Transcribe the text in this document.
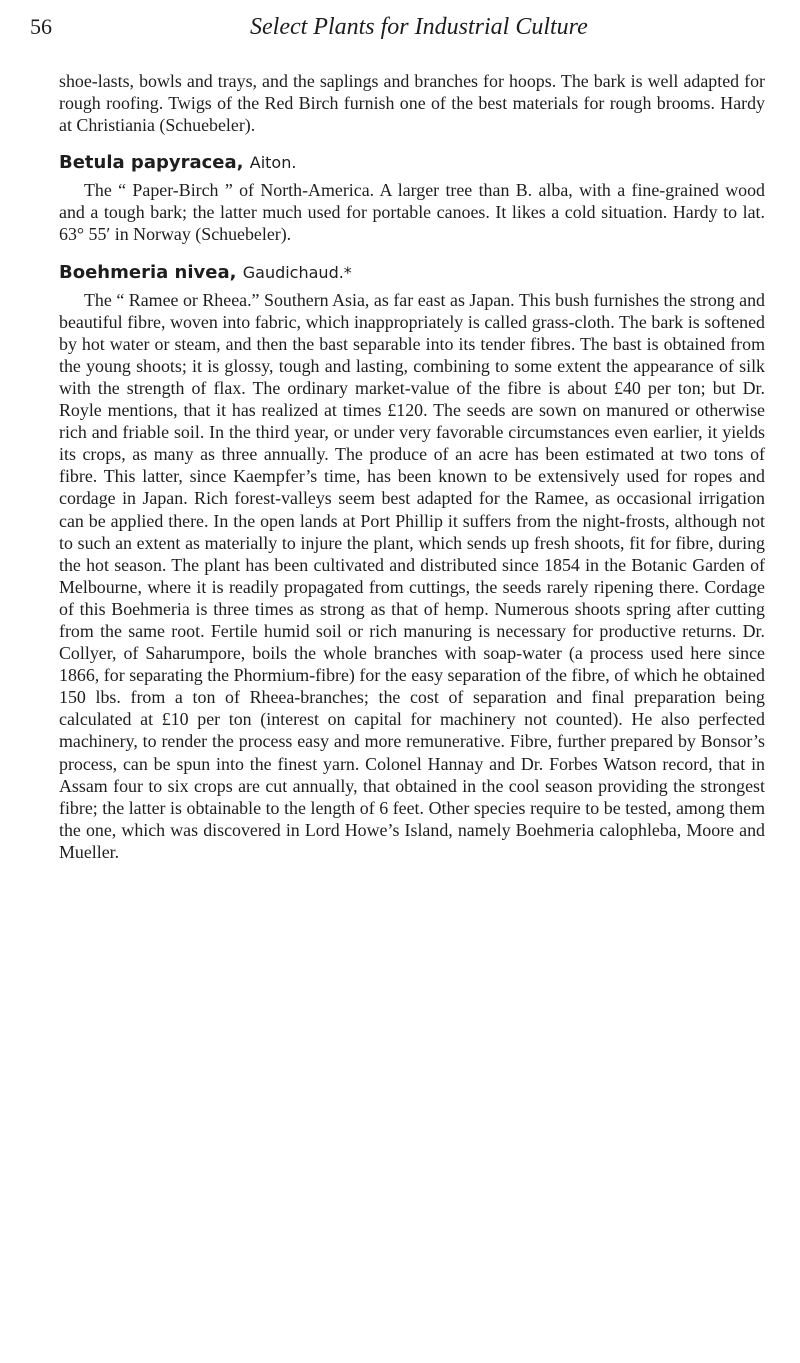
56	Select Plants for Industrial Culture

shoe-lasts, bowls and trays, and the saplings and branches for hoops. The bark is well adapted for rough roofing. Twigs of the Red Birch furnish one of the best materials for rough brooms. Hardy at Christiania (Schuebeler).

Betula papyracea, Aiton.

The “ Paper-Birch ” of North-America. A larger tree than B. alba, with a fine-grained wood and a tough bark; the latter much used for portable canoes. It likes a cold situation. Hardy to lat. 63° 55′ in Norway (Schuebeler).

Boehmeria nivea, Gaudichaud.*

The “ Ramee or Rheea.” Southern Asia, as far east as Japan. This bush furnishes the strong and beautiful fibre, woven into fabric, which inappropriately is called grass-cloth. The bark is softened by hot water or steam, and then the bast separable into its tender fibres. The bast is obtained from the young shoots; it is glossy, tough and lasting, combining to some extent the appearance of silk with the strength of flax. The ordinary market-value of the fibre is about £40 per ton; but Dr. Royle mentions, that it has realized at times £120. The seeds are sown on manured or otherwise rich and friable soil. In the third year, or under very favorable circumstances even earlier, it yields its crops, as many as three annually. The produce of an acre has been estimated at two tons of fibre. This latter, since Kaempfer’s time, has been known to be extensively used for ropes and cordage in Japan. Rich forest-valleys seem best adapted for the Ramee, as occasional irrigation can be applied there. In the open lands at Port Phillip it suffers from the night-frosts, although not to such an extent as materially to injure the plant, which sends up fresh shoots, fit for fibre, during the hot season. The plant has been cultivated and distributed since 1854 in the Botanic Garden of Melbourne, where it is readily propagated from cuttings, the seeds rarely ripening there. Cordage of this Boehmeria is three times as strong as that of hemp. Numerous shoots spring after cutting from the same root. Fertile humid soil or rich manuring is necessary for productive returns. Dr. Collyer, of Saharumpore, boils the whole branches with soap-water (a process used here since 1866, for separating the Phormium-fibre) for the easy separation of the fibre, of which he obtained 150 lbs. from a ton of Rheea-branches; the cost of separation and final preparation being calculated at £10 per ton (interest on capital for machinery not counted). He also perfected machinery, to render the process easy and more remunerative. Fibre, further prepared by Bonsor’s process, can be spun into the finest yarn. Colonel Hannay and Dr. Forbes Watson record, that in Assam four to six crops are cut annually, that obtained in the cool season providing the strongest fibre; the latter is obtainable to the length of 6 feet. Other species require to be tested, among them the one, which was discovered in Lord Howe’s Island, namely Boehmeria calophleba, Moore and Mueller.
